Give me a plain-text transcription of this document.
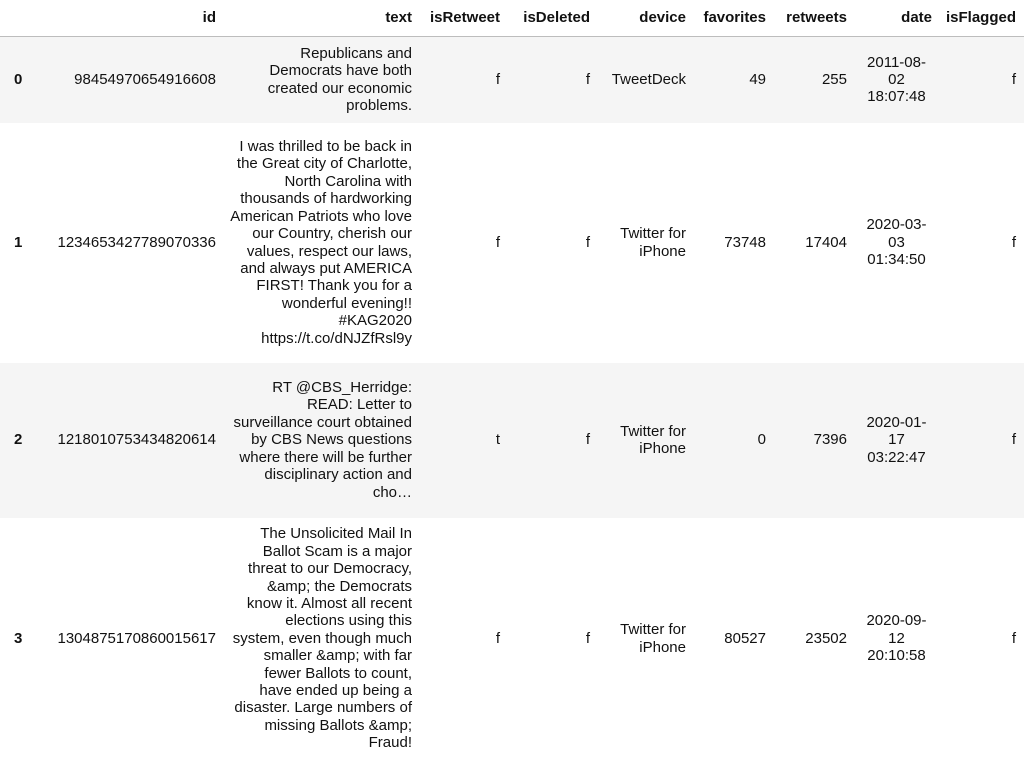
	id	text	isRetweet	isDeleted	device	favorites	retweets	date	isFlagged
0	98454970654916608	Republicans and Democrats have both created our economic problems.	f	f	TweetDeck	49	255	2011-08-02 18:07:48	f
1	1234653427789070336	I was thrilled to be back in the Great city of Charlotte, North Carolina with thousands of hardworking American Patriots who love our Country, cherish our values, respect our laws, and always put AMERICA FIRST! Thank you for a wonderful evening!! #KAG2020 https://t.co/dNJZfRsl9y	f	f	Twitter for iPhone	73748	17404	2020-03-03 01:34:50	f
2	1218010753434820614	RT @CBS_Herridge: READ: Letter to surveillance court obtained by CBS News questions where there will be further disciplinary action and cho…	t	f	Twitter for iPhone	0	7396	2020-01-17 03:22:47	f
3	1304875170860015617	The Unsolicited Mail In Ballot Scam is a major threat to our Democracy, &amp; the Democrats know it. Almost all recent elections using this system, even though much smaller &amp; with far fewer Ballots to count, have ended up being a disaster. Large numbers of missing Ballots &amp; Fraud!	f	f	Twitter for iPhone	80527	23502	2020-09-12 20:10:58	f
